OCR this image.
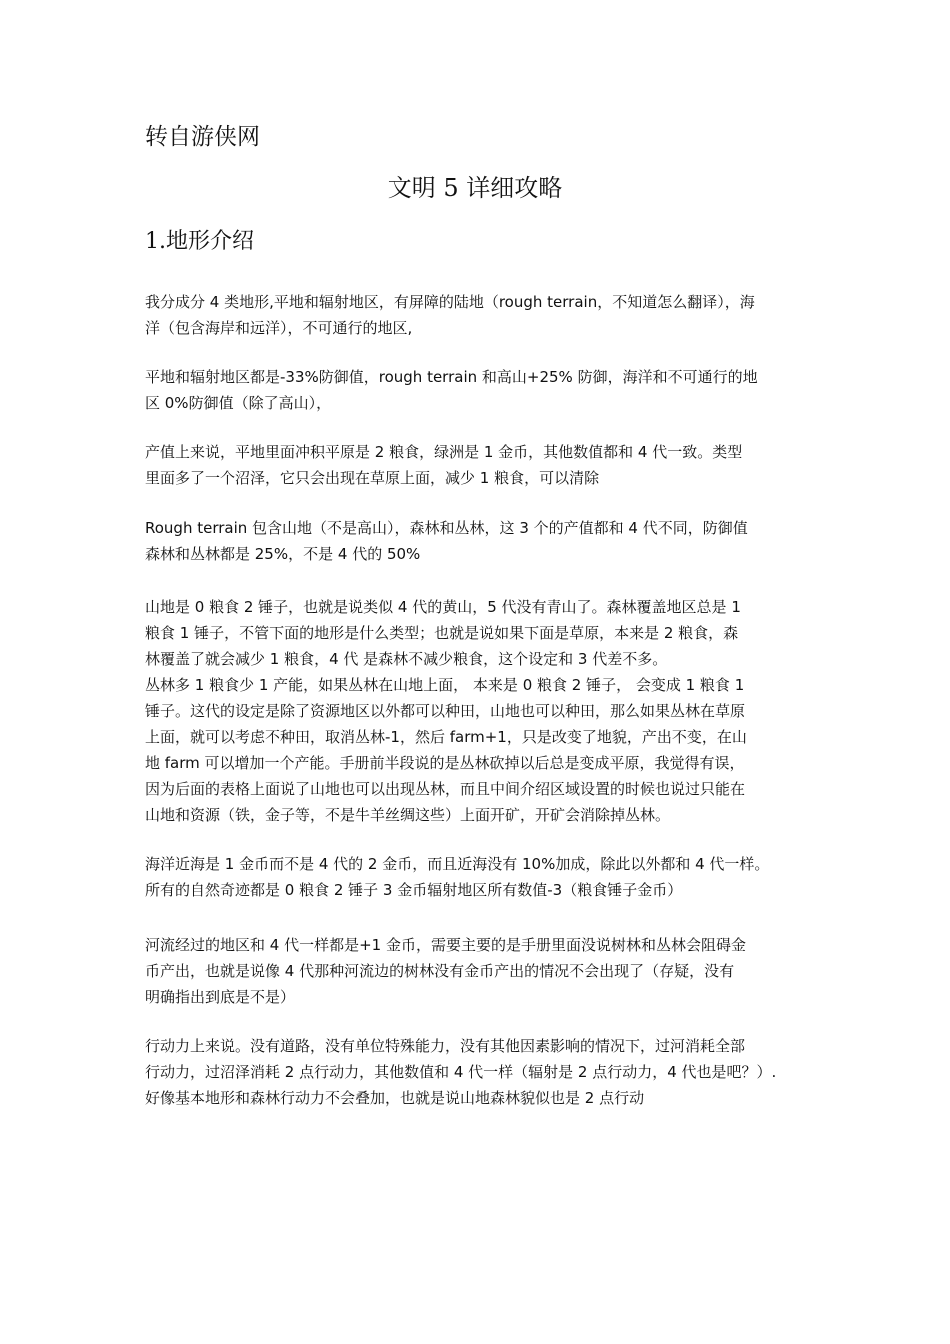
转自游侠网
文明 5 详细攻略
1.地形介绍

我分成分 4 类地形,平地和辐射地区，有屏障的陆地（rough terrain，不知道怎么翻译），海
洋（包含海岸和远洋），不可通行的地区,

平地和辐射地区都是-33%防御值，rough terrain 和高山+25% 防御，海洋和不可通行的地
区 0%防御值（除了高山），

产值上来说，平地里面冲积平原是 2 粮食，绿洲是 1 金币，其他数值都和 4 代一致。类型
里面多了一个沼泽，它只会出现在草原上面，减少 1 粮食，可以清除

Rough terrain 包含山地（不是高山），森林和丛林，这 3 个的产值都和 4 代不同，防御值
森林和丛林都是 25%，不是 4 代的 50%

山地是 0 粮食 2 锤子，也就是说类似 4 代的黄山，5 代没有青山了。森林覆盖地区总是 1
粮食 1 锤子，不管下面的地形是什么类型；也就是说如果下面是草原，本来是 2 粮食，森
林覆盖了就会减少 1 粮食，4 代 是森林不减少粮食，这个设定和 3 代差不多。
丛林多 1 粮食少 1 产能，如果丛林在山地上面， 本来是 0 粮食 2 锤子， 会变成 1 粮食 1
锤子。这代的设定是除了资源地区以外都可以种田，山地也可以种田，那么如果丛林在草原
上面，就可以考虑不种田，取消丛林-1，然后 farm+1，只是改变了地貌，产出不变，在山
地 farm 可以增加一个产能。手册前半段说的是丛林砍掉以后总是变成平原，我觉得有误，
因为后面的表格上面说了山地也可以出现丛林，而且中间介绍区域设置的时候也说过只能在
山地和资源（铁，金子等，不是牛羊丝绸这些）上面开矿，开矿会消除掉丛林。

海洋近海是 1 金币而不是 4 代的 2 金币，而且近海没有 10%加成，除此以外都和 4 代一样。
所有的自然奇迹都是 0 粮食 2 锤子 3 金币辐射地区所有数值-3（粮食锤子金币）

河流经过的地区和 4 代一样都是+1 金币，需要主要的是手册里面没说树林和丛林会阻碍金
币产出，也就是说像 4 代那种河流边的树林没有金币产出的情况不会出现了（存疑，没有
明确指出到底是不是）

行动力上来说。没有道路，没有单位特殊能力，没有其他因素影响的情况下，过河消耗全部
行动力，过沼泽消耗 2 点行动力，其他数值和 4 代一样（辐射是 2 点行动力，4 代也是吧？）.
好像基本地形和森林行动力不会叠加，也就是说山地森林貌似也是 2 点行动
